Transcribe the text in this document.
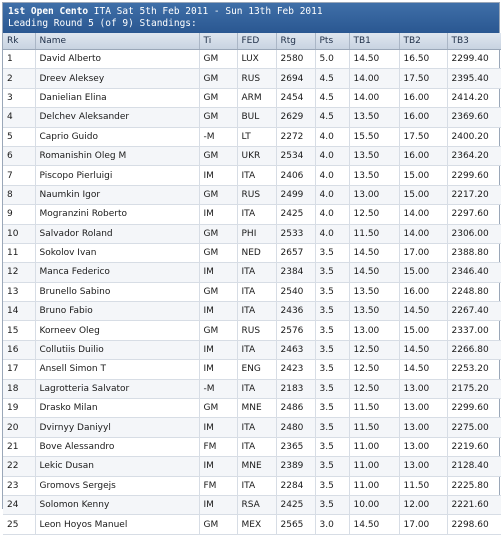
1st Open Cento ITA Sat 5th Feb 2011 - Sun 13th Feb 2011
Leading Round 5 (of 9) Standings:
Rk	Name	Ti	FED	Rtg	Pts	TB1	TB2	TB3
1	David Alberto	GM	LUX	2580	5.0	14.50	16.50	2299.40
2	Dreev Aleksey	GM	RUS	2694	4.5	14.00	17.50	2395.40
3	Danielian Elina	GM	ARM	2454	4.5	14.00	16.00	2414.20
4	Delchev Aleksander	GM	BUL	2629	4.5	13.50	16.00	2369.60
5	Caprio Guido	-M	LT	2272	4.0	15.50	17.50	2400.20
6	Romanishin Oleg M	GM	UKR	2534	4.0	13.50	16.00	2364.20
7	Piscopo Pierluigi	IM	ITA	2406	4.0	13.50	15.00	2299.60
8	Naumkin Igor	GM	RUS	2499	4.0	13.00	15.00	2217.20
9	Mogranzini Roberto	IM	ITA	2425	4.0	12.50	14.00	2297.60
10	Salvador Roland	GM	PHI	2533	4.0	11.50	14.00	2306.00
11	Sokolov Ivan	GM	NED	2657	3.5	14.50	17.00	2388.80
12	Manca Federico	IM	ITA	2384	3.5	14.50	15.00	2346.40
13	Brunello Sabino	GM	ITA	2540	3.5	13.50	16.00	2248.80
14	Bruno Fabio	IM	ITA	2436	3.5	13.50	14.50	2267.40
15	Korneev Oleg	GM	RUS	2576	3.5	13.00	15.00	2337.00
16	Collutiis Duilio	IM	ITA	2463	3.5	12.50	14.50	2266.80
17	Ansell Simon T	IM	ENG	2423	3.5	12.50	14.50	2253.20
18	Lagrotteria Salvator	-M	ITA	2183	3.5	12.50	13.00	2175.20
19	Drasko Milan	GM	MNE	2486	3.5	11.50	13.00	2299.60
20	Dvirnyy Daniyyl	IM	ITA	2480	3.5	11.50	13.00	2275.00
21	Bove Alessandro	FM	ITA	2365	3.5	11.00	13.00	2219.60
22	Lekic Dusan	IM	MNE	2389	3.5	11.00	13.00	2128.40
23	Gromovs Sergejs	FM	ITA	2284	3.5	11.00	11.50	2225.80
24	Solomon Kenny	IM	RSA	2425	3.5	10.00	12.00	2221.60
25	Leon Hoyos Manuel	GM	MEX	2565	3.0	14.50	17.00	2298.60
